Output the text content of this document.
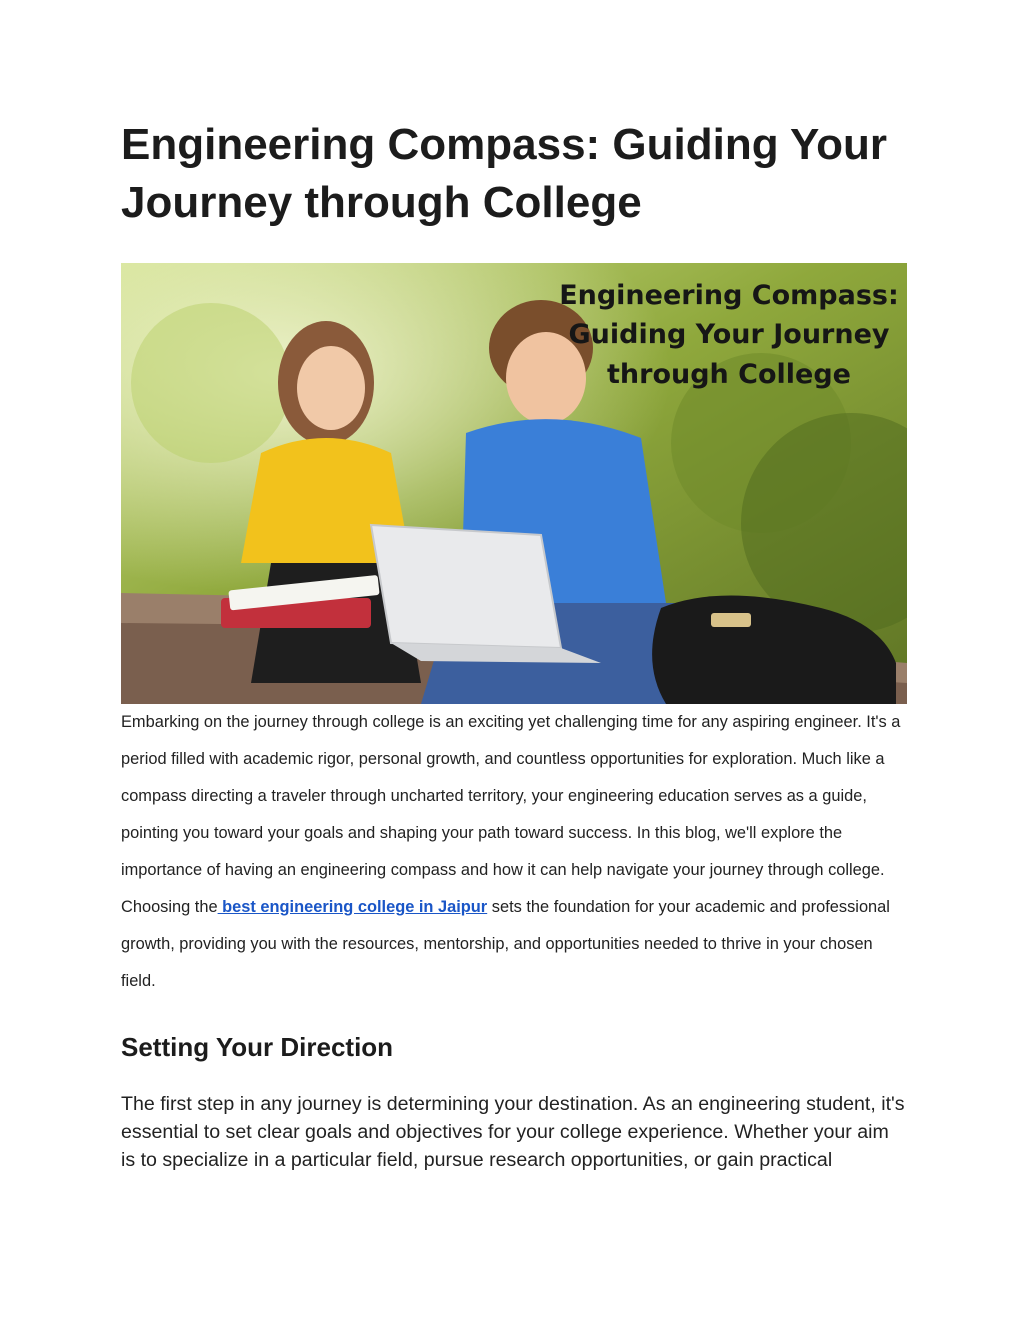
Engineering Compass: Guiding Your Journey through College
Engineering Compass:
Guiding Your Journey
through College

Embarking on the journey through college is an exciting yet challenging time for any aspiring engineer. It's a period filled with academic rigor, personal growth, and countless opportunities for exploration. Much like a compass directing a traveler through uncharted territory, your engineering education serves as a guide, pointing you toward your goals and shaping your path toward success. In this blog, we'll explore the importance of having an engineering compass and how it can help navigate your journey through college. Choosing the best engineering college in Jaipur sets the foundation for your academic and professional growth, providing you with the resources, mentorship, and opportunities needed to thrive in your chosen field.

Setting Your Direction

The first step in any journey is determining your destination. As an engineering student, it's essential to set clear goals and objectives for your college experience. Whether your aim is to specialize in a particular field, pursue research opportunities, or gain practical
